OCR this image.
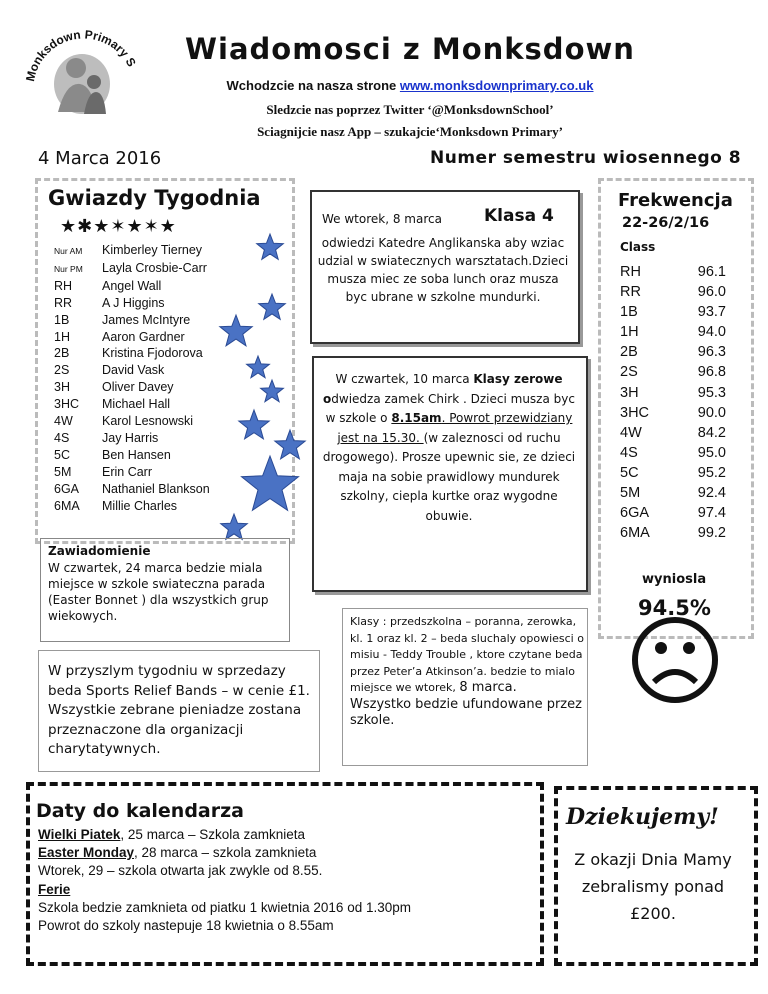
Monksdown Primary S	Wiadomosci z Monksdown
Wchodzcie na nasza strone www.monksdownprimary.co.uk
Sledzcie nas poprzez Twitter ‘@MonksdownSchool’
Sciagnijcie nasz App – szukajcie‘Monksdown Primary’
4 Marca 2016	Numer semestru wiosennego 8
Gwiazdy Tygodnia
★✱★✶★✶★
Nur AM Kimberley Tierney
Nur PM Layla Crosbie-Carr
RH Angel Wall
RR A J Higgins
1B	James McIntyre
1H	Aaron Gardner
2B	Kristina Fjodorova
2S	David Vask
3H	Oliver Davey
3HC Michael Hall
4W Karol Lesnowski
4S	Jay Harris
5C	Ben Hansen
5M Erin Carr
6GA Nathaniel Blankson
6MA Millie Charles
Zawiadomienie
W czwartek, 24 marca bedzie miala miejsce w szkole swiateczna parada (Easter Bonnet ) dla wszystkich grup wiekowych.
W przyszlym tygodniu w sprzedazy beda Sports Relief Bands – w cenie £1. Wszystkie zebrane pieniadze zostana przeznaczone dla organizacji charytatywnych.
We wtorek, 8 marca Klasa 4
odwiedzi Katedre Anglikanska aby wziac udzial w swiatecznych warsztatach.Dzieci musza miec ze soba lunch oraz musza byc ubrane w szkolne mundurki.
W czwartek, 10 marca Klasy zerowe odwiedza zamek Chirk . Dzieci musza byc w szkole o 8.15am. Powrot przewidziany jest na 15.30. (w zaleznosci od ruchu drogowego). Prosze upewnic sie, ze dzieci maja na sobie prawidlowy mundurek szkolny, ciepla kurtke oraz wygodne obuwie.
Klasy : przedszkolna – poranna, zerowka, kl. 1 oraz kl. 2 – beda sluchaly opowiesci o misiu - Teddy Trouble , ktore czytane beda przez Peter’a Atkinson’a. bedzie to mialo miejsce we wtorek, 8 marca.
Wszystko bedzie ufundowane przez szkole.
Frekwencja
22-26/2/16
Class
RH	96.1
RR	96.0
1B	93.7
1H	94.0
2B	96.3
2S	96.8
3H	95.3
3HC	90.0
4W	84.2
4S	95.0
5C	95.2
5M	92.4
6GA	97.4
6MA	99.2
wyniosla
94.5%
Daty do kalendarza
Wielki Piatek, 25 marca – Szkola zamknieta
Easter Monday, 28 marca – szkola zamknieta
Wtorek, 29 – szkola otwarta jak zwykle od 8.55.
Ferie
Szkola bedzie zamknieta od piatku 1 kwietnia 2016 od 1.30pm
Powrot do szkoly nastepuje 18 kwietnia o 8.55am
Dziekujemy!
Z okazji Dnia Mamy zebralismy ponad £200.
